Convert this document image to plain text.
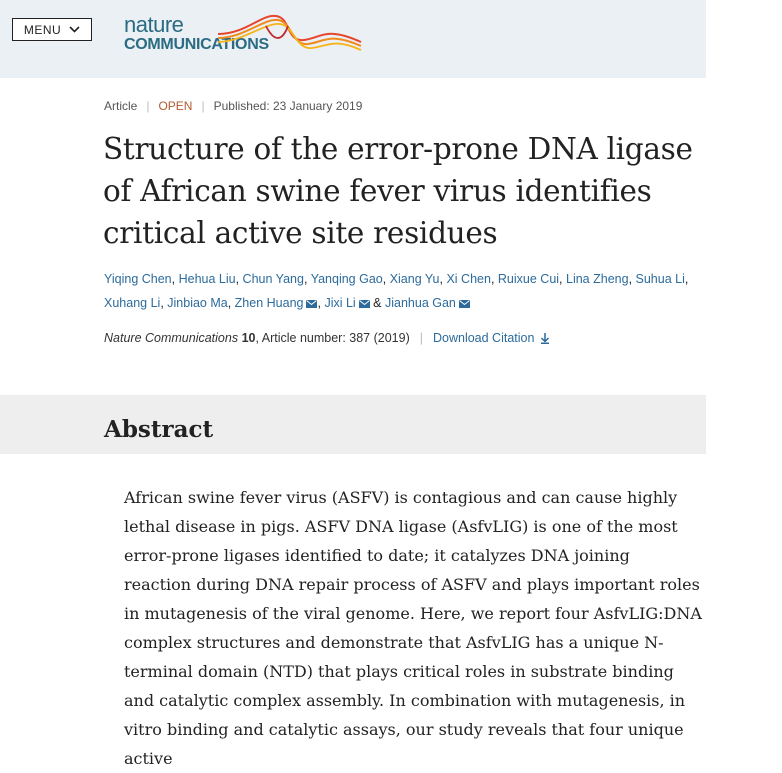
MENU	nature
COMMUNICATIONS
Article | OPEN | Published: 23 January 2019
Structure of the error-prone DNA ligase of African swine fever virus identifies critical active site residues
Yiqing Chen, Hehua Liu, Chun Yang, Yanqing Gao, Xiang Yu, Xi Chen, Ruixue Cui, Lina Zheng, Suhua Li, Xuhang Li, Jinbiao Ma, Zhen Huang , Jixi Li & Jianhua Gan
Nature Communications
10 , Article number: 387 (2019) | Download Citation
Abstract

African swine fever virus (ASFV) is contagious and can cause highly lethal disease in pigs. ASFV DNA ligase (AsfvLIG) is one of the most error-prone ligases identified to date; it catalyzes DNA joining reaction during DNA repair process of ASFV and plays important roles in mutagenesis of the viral genome. Here, we report four AsfvLIG:DNA complex structures and demonstrate that AsfvLIG has a unique N-terminal domain (NTD) that plays critical roles in substrate binding and catalytic complex assembly. In combination with mutagenesis, in vitro binding and catalytic assays, our study reveals that four unique active
